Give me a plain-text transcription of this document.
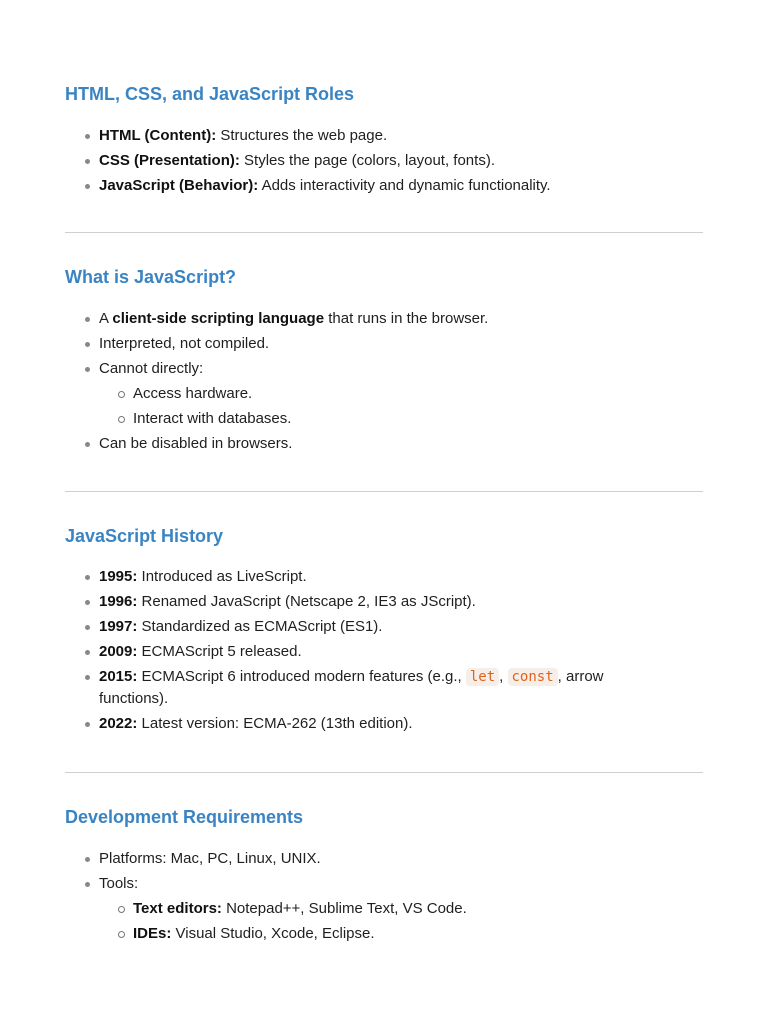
HTML, CSS, and JavaScript Roles
HTML (Content): Structures the web page.
CSS (Presentation): Styles the page (colors, layout, fonts).
JavaScript (Behavior): Adds interactivity and dynamic functionality.
What is JavaScript?
A client-side scripting language that runs in the browser.
Interpreted, not compiled.
Cannot directly:
Access hardware.
Interact with databases.
Can be disabled in browsers.
JavaScript History
1995: Introduced as LiveScript.
1996: Renamed JavaScript (Netscape 2, IE3 as JScript).
1997: Standardized as ECMAScript (ES1).
2009: ECMAScript 5 released.
2015: ECMAScript 6 introduced modern features (e.g., let , const , arrow functions).
2022: Latest version: ECMA-262 (13th edition).
Development Requirements
Platforms: Mac, PC, Linux, UNIX.
Tools:
Text editors: Notepad++, Sublime Text, VS Code.
IDEs: Visual Studio, Xcode, Eclipse.
